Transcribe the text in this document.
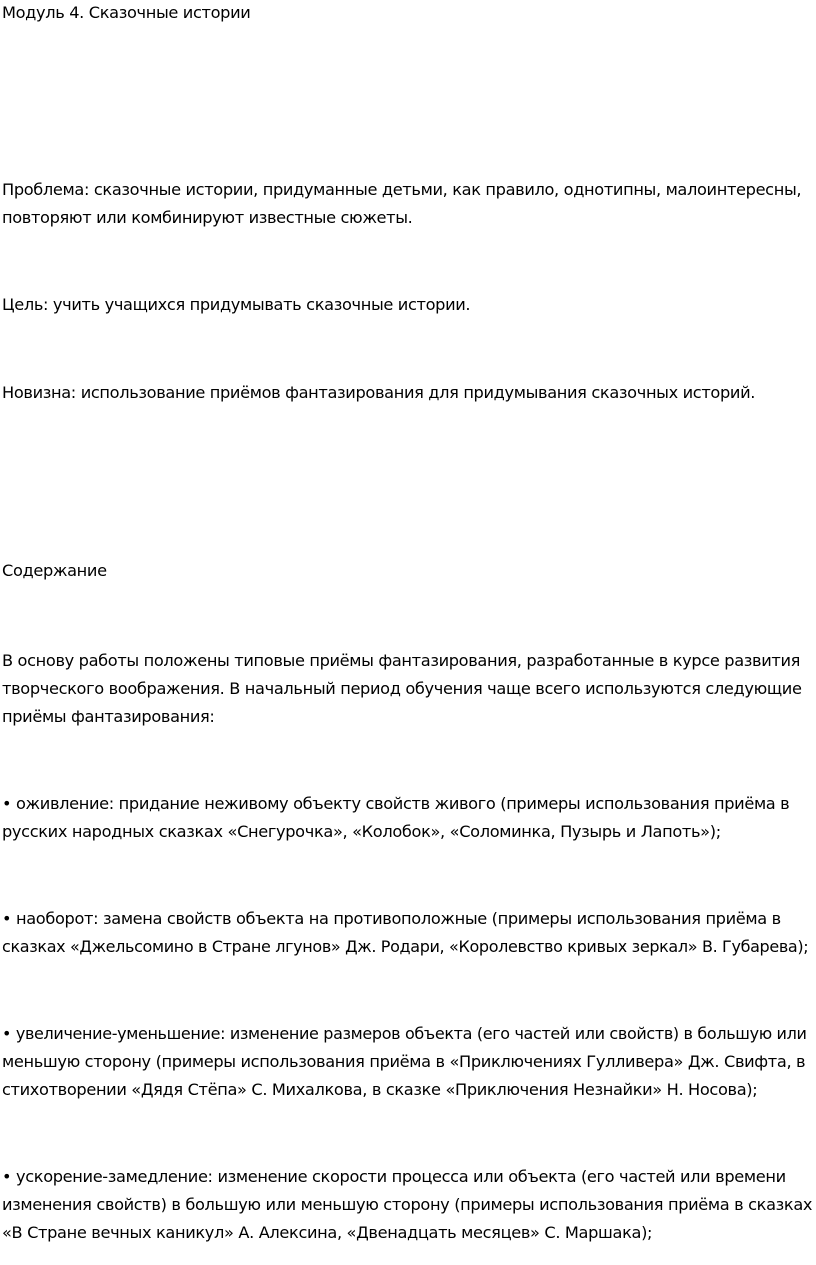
Модуль 4. Сказочные истории
Проблема: сказочные истории, придуманные детьми, как правило, однотипны, малоинтересны,
повторяют или комбинируют известные сюжеты.
Цель: учить учащихся придумывать сказочные истории.
Новизна: использование приёмов фантазирования для придумывания сказочных историй.
Содержание
В основу работы положены типовые приёмы фантазирования, разработанные в курсе развития
творческого воображения. В начальный период обучения чаще всего используются следующие
приёмы фантазирования:
• оживление: придание неживому объекту свойств живого (примеры использования приёма в
русских народных сказках «Снегурочка», «Колобок», «Соломинка, Пузырь и Лапоть»);
• наоборот: замена свойств объекта на противоположные (примеры использования приёма в
сказках «Джельсомино в Стране лгунов» Дж. Родари, «Королевство кривых зеркал» В. Губарева);
• увеличение-уменьшение: изменение размеров объекта (его частей или свойств) в большую или
меньшую сторону (примеры использования приёма в «Приключениях Гулливера» Дж. Свифта, в
стихотворении «Дядя Стёпа» С. Михалкова, в сказке «Приключения Незнайки» Н. Носова);
• ускорение-замедление: изменение скорости процесса или объекта (его частей или времени
изменения свойств) в большую или меньшую сторону (примеры использования приёма в сказках
«В Стране вечных каникул» А. Алексина, «Двенадцать месяцев» С. Маршака);
